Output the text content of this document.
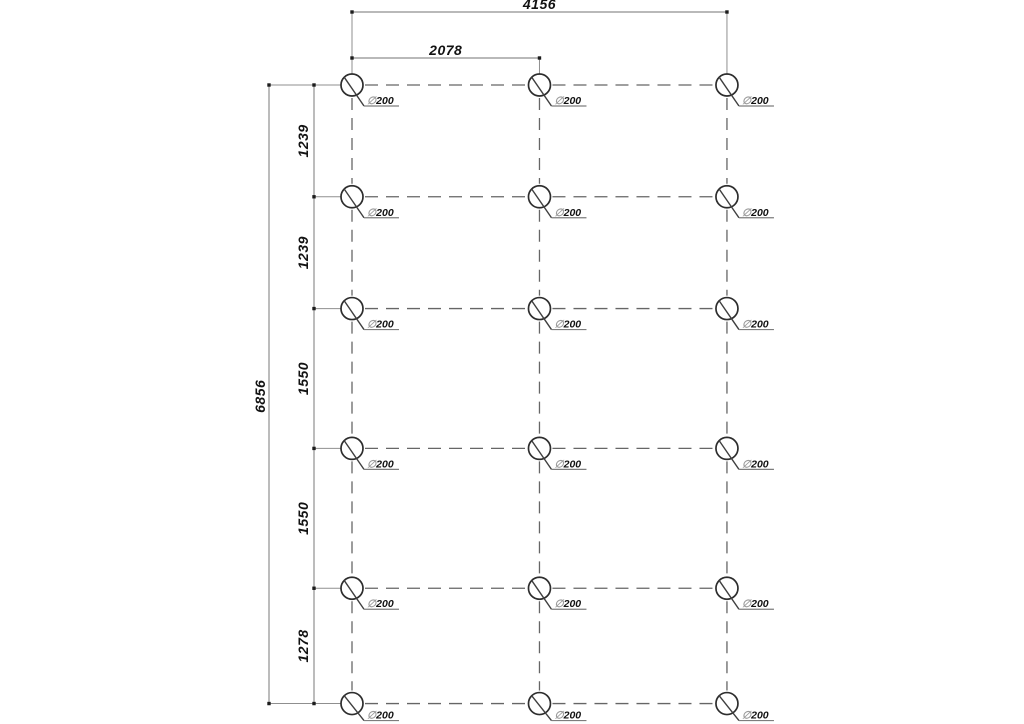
∅200	∅200	∅200
∅200	∅200	∅200
∅200	∅200	∅200
∅200	∅200	∅200
∅200	∅200	∅200
∅200	∅200	∅200
4156
2078
6856
1239
1239
1550
1550
1278
